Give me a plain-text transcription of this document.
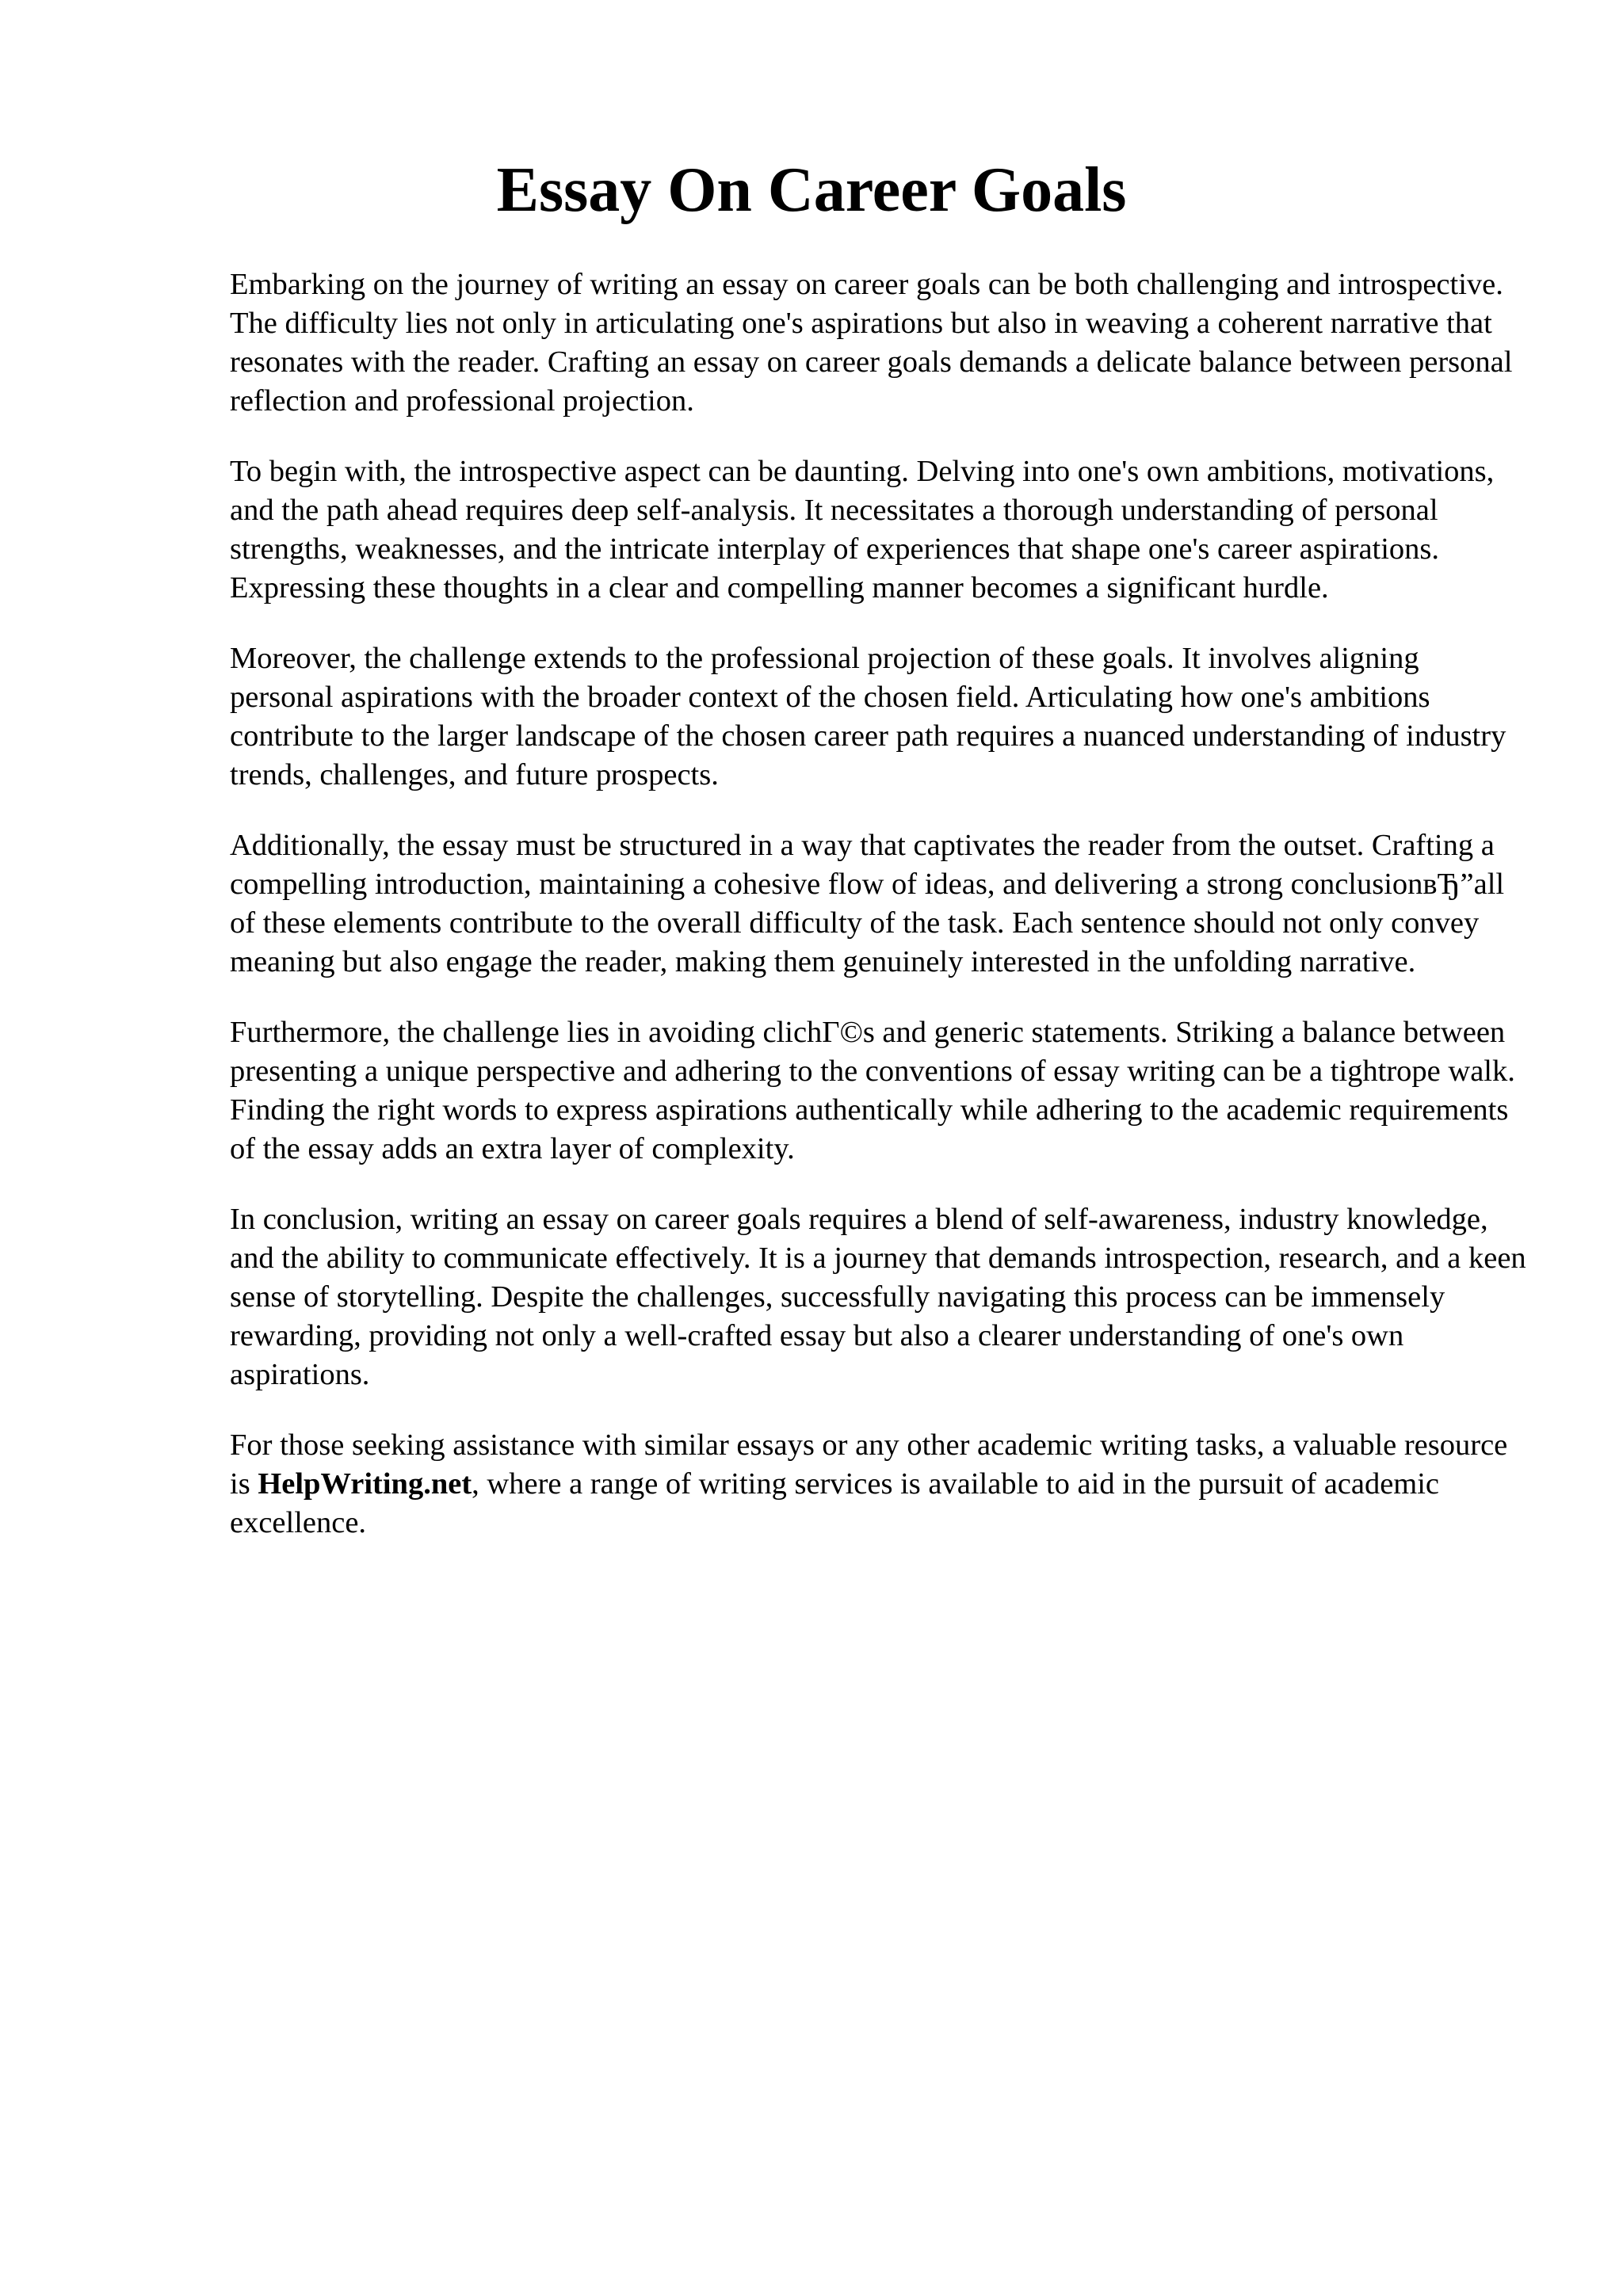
Essay On Career Goals

Embarking on the journey of writing an essay on career goals can be both challenging and introspective. The difficulty lies not only in articulating one's aspirations but also in weaving a coherent narrative that resonates with the reader. Crafting an essay on career goals demands a delicate balance between personal reflection and professional projection.

To begin with, the introspective aspect can be daunting. Delving into one's own ambitions, motivations, and the path ahead requires deep self-analysis. It necessitates a thorough understanding of personal strengths, weaknesses, and the intricate interplay of experiences that shape one's career aspirations. Expressing these thoughts in a clear and compelling manner becomes a significant hurdle.

Moreover, the challenge extends to the professional projection of these goals. It involves aligning personal aspirations with the broader context of the chosen field. Articulating how one's ambitions contribute to the larger landscape of the chosen career path requires a nuanced understanding of industry trends, challenges, and future prospects.

Additionally, the essay must be structured in a way that captivates the reader from the outset. Crafting a compelling introduction, maintaining a cohesive flow of ideas, and delivering a strong conclusionвЂ”all of these elements contribute to the overall difficulty of the task. Each sentence should not only convey meaning but also engage the reader, making them genuinely interested in the unfolding narrative.

Furthermore, the challenge lies in avoiding clichГ©s and generic statements. Striking a balance between presenting a unique perspective and adhering to the conventions of essay writing can be a tightrope walk. Finding the right words to express aspirations authentically while adhering to the academic requirements of the essay adds an extra layer of complexity.

In conclusion, writing an essay on career goals requires a blend of self-awareness, industry knowledge, and the ability to communicate effectively. It is a journey that demands introspection, research, and a keen sense of storytelling. Despite the challenges, successfully navigating this process can be immensely rewarding, providing not only a well-crafted essay but also a clearer understanding of one's own aspirations.

For those seeking assistance with similar essays or any other academic writing tasks, a valuable resource is HelpWriting.net, where a range of writing services is available to aid in the pursuit of academic excellence.
